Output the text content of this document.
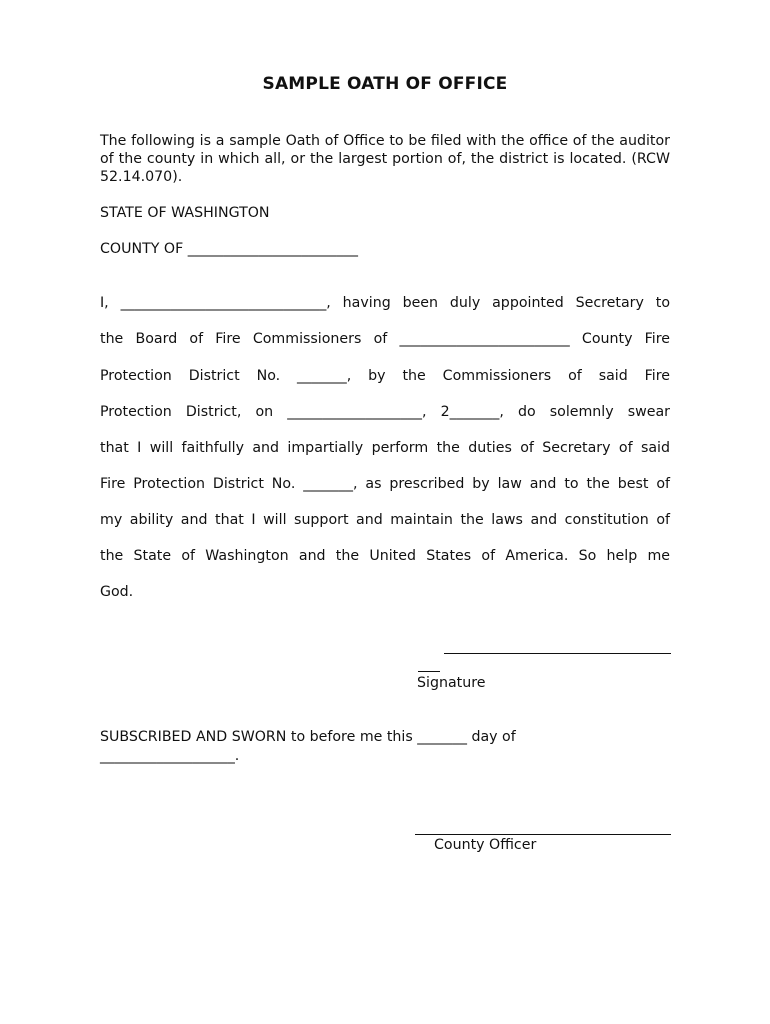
SAMPLE OATH OF OFFICE

The following is a sample Oath of Office to be filed with the office of the auditor of the county in which all, or the largest portion of, the district is located. (RCW 52.14.070).

STATE OF WASHINGTON
COUNTY OF ________________________
I, _____________________________, having been duly appointed Secretary to
the Board of Fire Commissioners of ________________________ County Fire
Protection District No. _______, by the Commissioners of said Fire
Protection District, on ___________________, 2_______, do solemnly swear
that I will faithfully and impartially perform the duties of Secretary of said
Fire Protection District No. _______, as prescribed by law and to the best of
my ability and that I will support and maintain the laws and constitution of
the State of Washington and the United States of America. So help me
God.
Signature
SUBSCRIBED AND SWORN to before me this _______ day of
___________________.
County Officer
